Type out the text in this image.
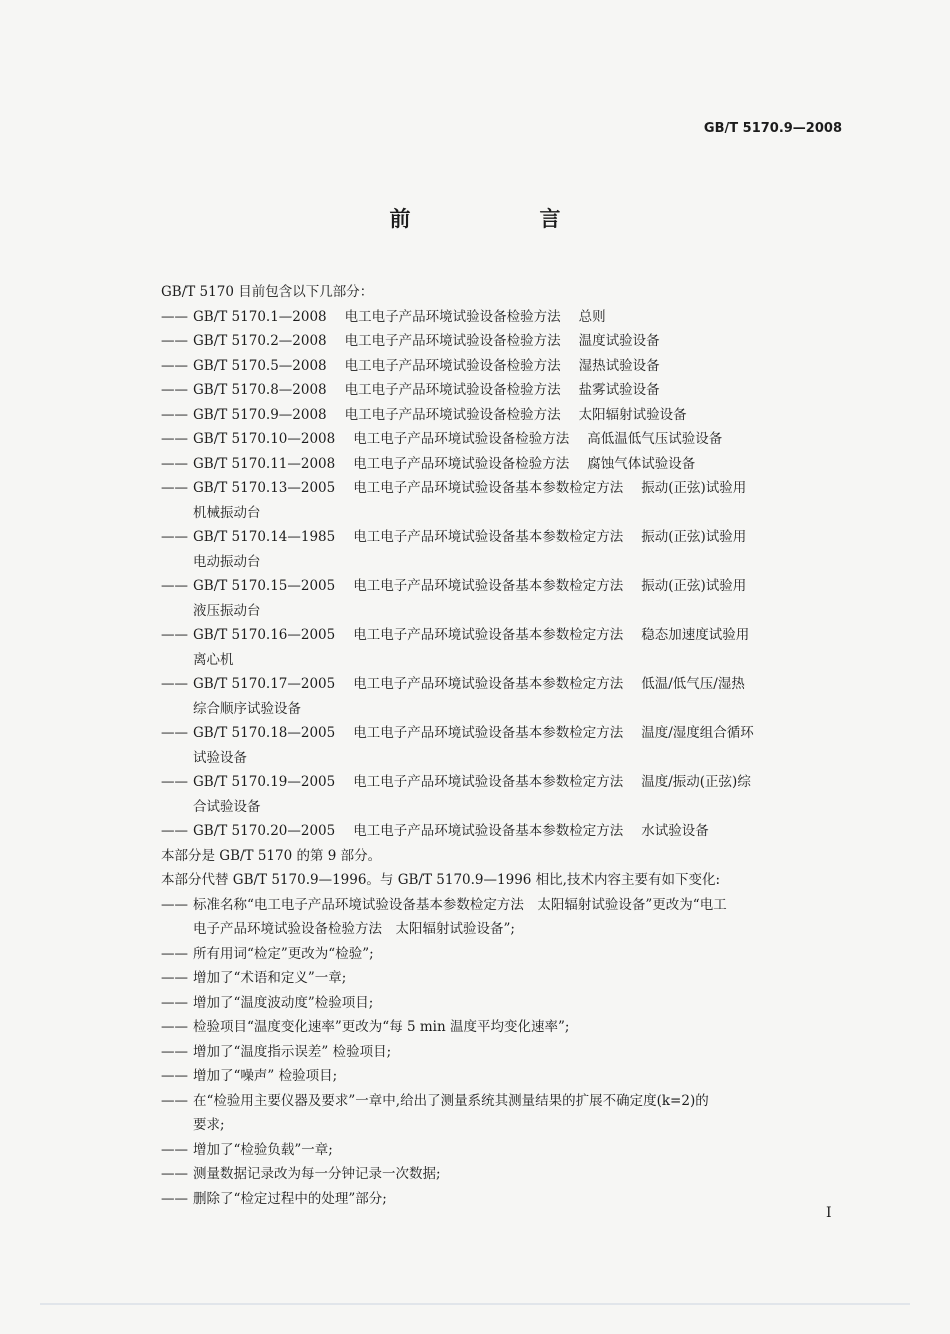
GB/T 5170.9—2008
前　言
GB/T 5170 目前包含以下几部分：
—— GB/T 5170.1—2008 电工电子产品环境试验设备检验方法 总则
—— GB/T 5170.2—2008 电工电子产品环境试验设备检验方法 温度试验设备
—— GB/T 5170.5—2008 电工电子产品环境试验设备检验方法 湿热试验设备
—— GB/T 5170.8—2008 电工电子产品环境试验设备检验方法 盐雾试验设备
—— GB/T 5170.9—2008 电工电子产品环境试验设备检验方法 太阳辐射试验设备
—— GB/T 5170.10—2008 电工电子产品环境试验设备检验方法 高低温低气压试验设备
—— GB/T 5170.11—2008 电工电子产品环境试验设备检验方法 腐蚀气体试验设备
—— GB/T 5170.13—2005 电工电子产品环境试验设备基本参数检定方法 振动(正弦)试验用
机械振动台
—— GB/T 5170.14—1985 电工电子产品环境试验设备基本参数检定方法 振动(正弦)试验用
电动振动台
—— GB/T 5170.15—2005 电工电子产品环境试验设备基本参数检定方法 振动(正弦)试验用
液压振动台
—— GB/T 5170.16—2005 电工电子产品环境试验设备基本参数检定方法 稳态加速度试验用
离心机
—— GB/T 5170.17—2005 电工电子产品环境试验设备基本参数检定方法 低温/低气压/湿热
综合顺序试验设备
—— GB/T 5170.18—2005 电工电子产品环境试验设备基本参数检定方法 温度/湿度组合循环
试验设备
—— GB/T 5170.19—2005 电工电子产品环境试验设备基本参数检定方法 温度/振动(正弦)综
合试验设备
—— GB/T 5170.20—2005 电工电子产品环境试验设备基本参数检定方法 水试验设备
本部分是 GB/T 5170 的第 9 部分。
本部分代替 GB/T 5170.9—1996。与 GB/T 5170.9—1996 相比,技术内容主要有如下变化:
—— 标准名称“电工电子产品环境试验设备基本参数检定方法　太阳辐射试验设备”更改为“电工
电子产品环境试验设备检验方法　太阳辐射试验设备”;
—— 所有用词“检定”更改为“检验”;
—— 增加了“术语和定义”一章;
—— 增加了“温度波动度”检验项目;
—— 检验项目“温度变化速率”更改为“每 5 min 温度平均变化速率”;
—— 增加了“温度指示误差” 检验项目;
—— 增加了“噪声” 检验项目;
—— 在“检验用主要仪器及要求”一章中,给出了测量系统其测量结果的扩展不确定度(k=2)的
要求;
—— 增加了“检验负载”一章;
—— 测量数据记录改为每一分钟记录一次数据;
—— 删除了“检定过程中的处理”部分;
I
